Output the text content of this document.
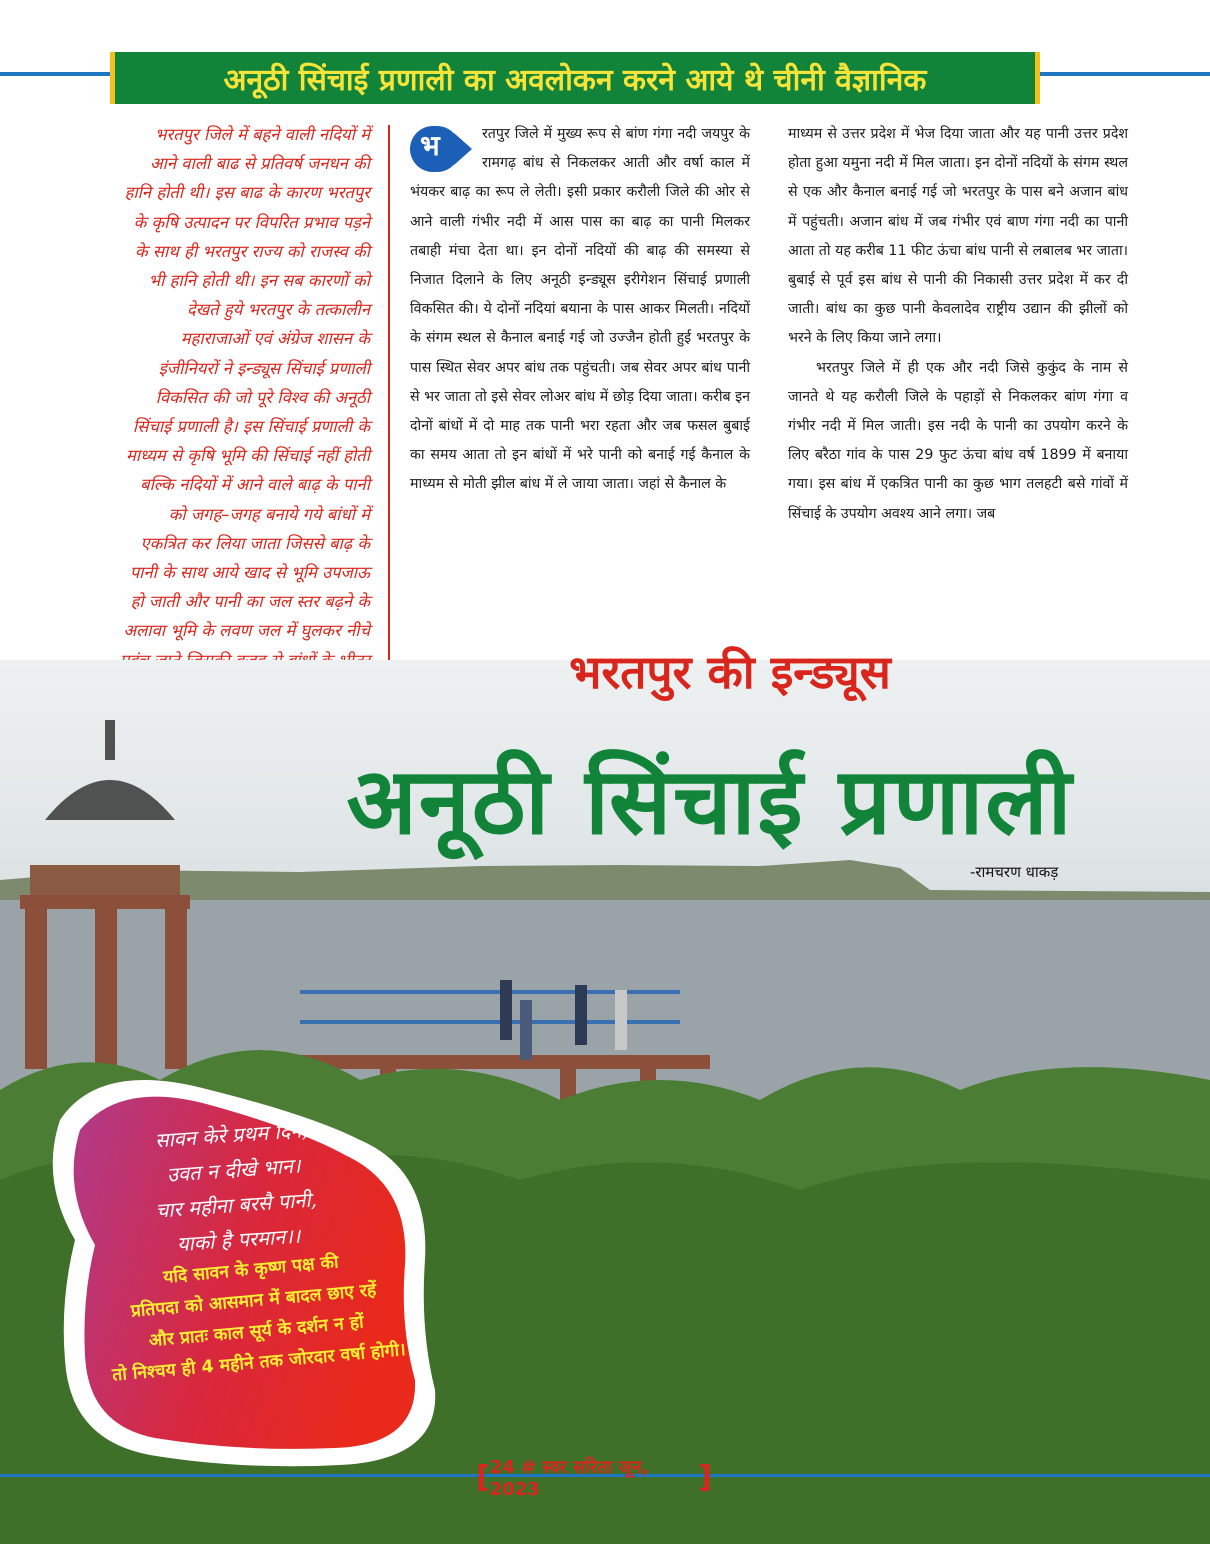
अनूठी सिंचाई प्रणाली का अवलोकन करने आये थे चीनी वैज्ञानिक
भरतपुर जिले में बहने वाली नदियों में
आने वाली बाढ से प्रतिवर्ष जनधन की
हानि होती थी। इस बाढ के कारण भरतपुर
के कृषि उत्पादन पर विपरित प्रभाव पड़ने
के साथ ही भरतपुर राज्य को राजस्व की
भी हानि होती थी। इन सब कारणों को
देखते हुये भरतपुर के तत्कालीन
महाराजाओं एवं अंग्रेज शासन के
इंजीनियरों ने इन्ड्यूस सिंचाई प्रणाली
विकसित की जो पूरे विश्व की अनूठी
सिंचाई प्रणाली है। इस सिंचाई प्रणाली के
माध्यम से कृषि भूमि की सिंचाई नहीं होती
बल्कि नदियों में आने वाले बाढ़ के पानी
को जगह–जगह बनाये गये बांधों में
एकत्रित कर लिया जाता जिससे बाढ़ के
पानी के साथ आये खाद से भूमि उपजाऊ
हो जाती और पानी का जल स्तर बढ़ने के
अलावा भूमि के लवण जल में घुलकर नीचे
भ	रतपुर जिले में मुख्य रूप से बांण गंगा नदी जयपुर के रामगढ़ बांध से निकलकर आती और वर्षा काल में भंयकर बाढ़ का रूप ले लेती। इसी प्रकार करौली जिले की ओर से आने वाली गंभीर नदी में आस पास का बाढ़ का पानी मिलकर तबाही मंचा देता था। इन दोनों नदियों की बाढ़ की समस्या से निजात दिलाने के लिए अनूठी इन्ड्यूस इरीगेशन सिंचाई प्रणाली विकसित की। ये दोनों नदियां बयाना के पास आकर मिलती। नदियों के संगम स्थल से कैनाल बनाई गई जो उज्जैन होती हुई भरतपुर के पास स्थित सेवर अपर बांध तक पहुंचती। जब सेवर अपर बांध पानी से भर जाता तो इसे सेवर लोअर बांध में छोड़ दिया जाता। करीब इन दोनों बांधों में दो माह तक पानी भरा रहता और जब फसल बुबाई का समय आता तो इन बांधों में भरे पानी को बनाई गई कैनाल के माध्यम से मोती झील बांध में ले जाया जाता। जहां से कैनाल के

माध्यम से उत्तर प्रदेश में भेज दिया जाता और यह पानी उत्तर प्रदेश होता हुआ यमुना नदी में मिल जाता। इन दोनों नदियों के संगम स्थल से एक और कैनाल बनाई गई जो भरतपुर के पास बने अजान बांध में पहुंचती। अजान बांध में जब गंभीर एवं बाण गंगा नदी का पानी आता तो यह करीब 11 फीट ऊंचा बांध पानी से लबालब भर जाता। बुबाई से पूर्व इस बांध से पानी की निकासी उत्तर प्रदेश में कर दी जाती। बांध का कुछ पानी केवलादेव राष्ट्रीय उद्यान की झीलों को भरने के लिए किया जाने लगा।

भरतपुर जिले में ही एक और नदी जिसे कुकुंद के नाम से जानते थे यह करौली जिले के पहाड़ों से निकलकर बांण गंगा व गंभीर नदी में मिल जाती। इस नदी के पानी का उपयोग करने के लिए बरैठा गांव के पास 29 फुट ऊंचा बांध वर्ष 1899 में बनाया गया। इस बांध में एकत्रित पानी का कुछ भाग तलहटी बसे गांवों में सिंचाई के उपयोग अवश्य आने लगा। जब

भरतपुर की इन्ड्यूस
अनूठी सिंचाई प्रणाली
-रामचरण धाकड़
सावन केरे प्रथम दिन,
उवत न दीखे भान।
चार महीना बरसै पानी,
याको है परमान।।
यदि सावन के कृष्ण पक्ष की
प्रतिपदा को आसमान में बादल छाए रहें
और प्रातः काल सूर्य के दर्शन न हों
तो निश्चय ही 4 महीने तक जोरदार वर्षा होगी।
[ 24 # स्वर सरिता जून, 2023	]
